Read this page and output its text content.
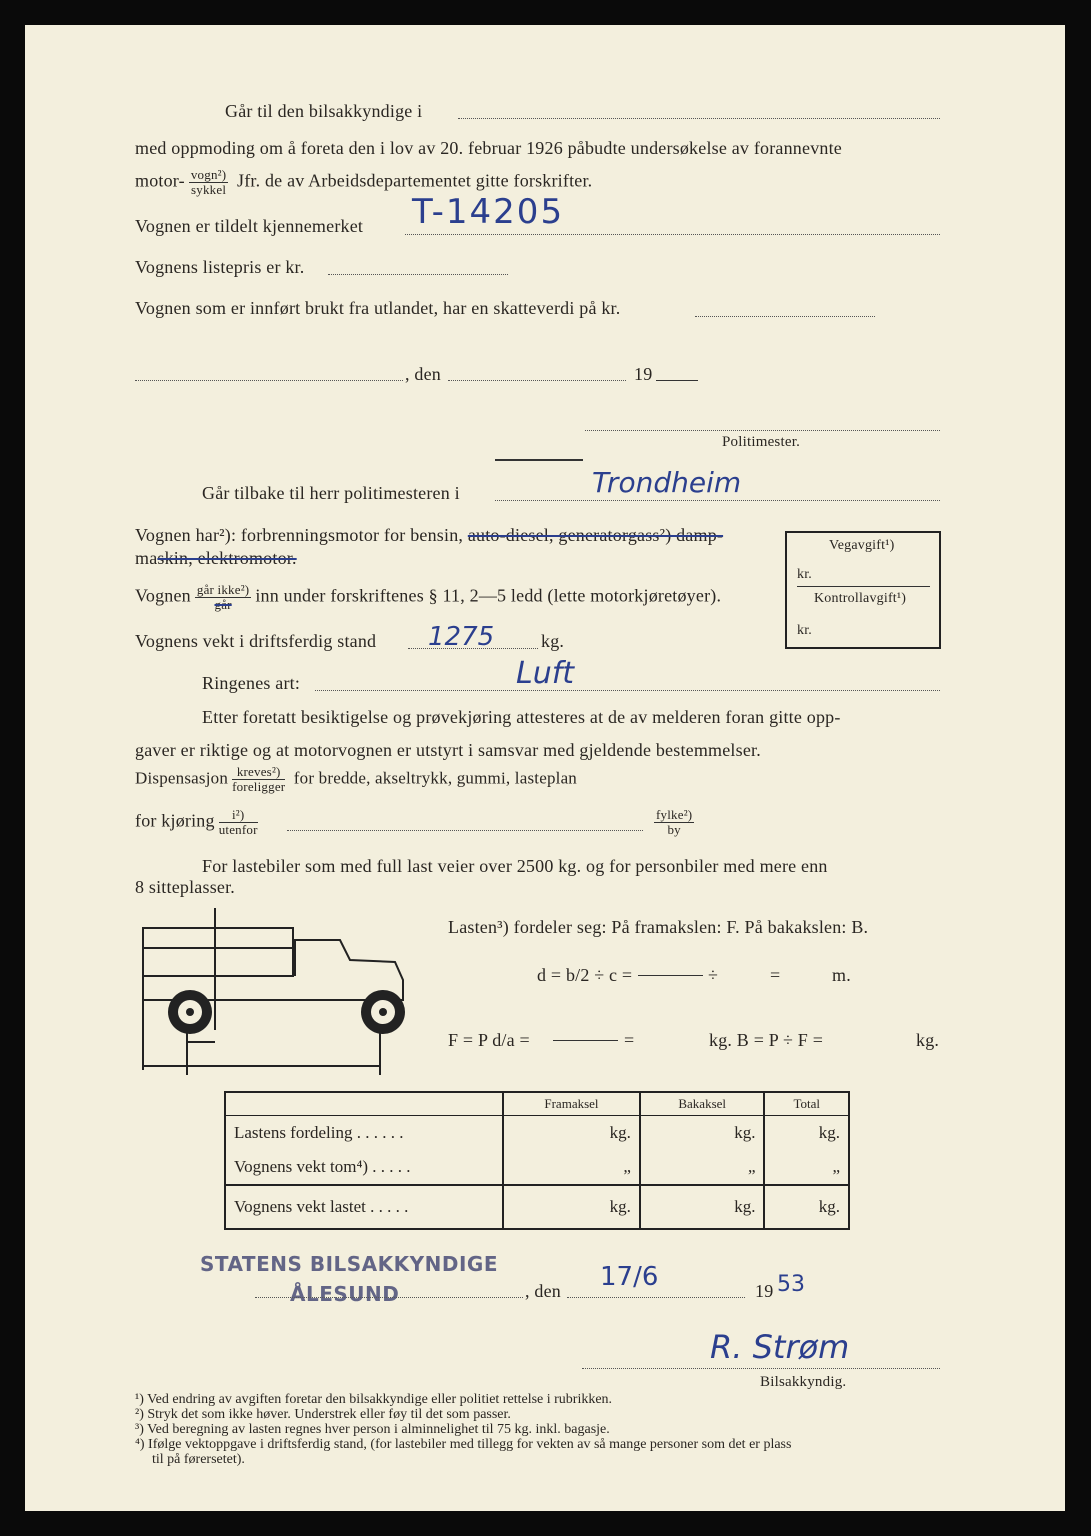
Går til den bilsakkyndige i
med oppmoding om å foreta den i lov av 20. februar 1926 påbudte undersøkelse av forannevnte
motor- $\frac{\text{vogn²)}}{\text{sykkel}}$ Jfr. de av Arbeidsdepartementet gitte forskrifter.
Vognen er tildelt kjennemerket T-14205
Vognens listepris er kr.
Vognen som er innført brukt fra utlandet, har en skatteverdi på kr.
, den	19
Politimester.
Går tilbake til herr politimesteren i	Trondheim
Vognen har²): forbrenningsmotor for bensin, auto-diesel, generatorgass²) damp-
maskin, elektromotor.
Vegavgift¹)
kr.
Kontrollavgift¹)
kr.
Vognen $\frac{\text{går ikke²)}}{\text{går}}$ inn under forskriftenes § 11, 2—5 ledd (lette motorkjøretøyer).
Vognens vekt i driftsferdig stand 1275	kg.
Ringenes art:	Luft
Etter foretatt besiktigelse og prøvekjøring attesteres at de av melderen foran gitte opp-
gaver er riktige og at motorvognen er utstyrt i samsvar med gjeldende bestemmelser.
Dispensasjon $\frac{\text{kreves²)}}{\text{foreligger}}$ for bredde, akseltrykk, gummi, lasteplan
for kjøring $\frac{\text{i²)}}{\text{utenfor}}$	$\frac{\text{fylke²)}}{by}$
For lastebiler som med full last veier over 2500 kg. og for personbiler med mere enn
8 sitteplasser.
Lasten³) fordeler seg: På framakslen: F. På bakakslen: B.
d = b/2 ÷ c =	÷	=	m.
F = P d/a =	=	kg. B = P ÷ F =	kg.
	Framaksel	Bakaksel	Total
Lastens fordeling . . . . . .	kg.	kg.	kg.
Vognens vekt tom⁴) . . . . .	„	„	„
Vognens vekt lastet . . . . .	kg.	kg.	kg.
STATENS BILSAKKYNDIGE
ÅLESUND	, den 17/6	19 53
R. Strøm
Bilsakkyndig.
¹) Ved endring av avgiften foretar den bilsakkyndige eller politiet rettelse i rubrikken.
²) Stryk det som ikke høver. Understrek eller føy til det som passer.
³) Ved beregning av lasten regnes hver person i alminnelighet til 75 kg. inkl. bagasje.
⁴) Ifølge vektoppgave i driftsferdig stand, (for lastebiler med tillegg for vekten av så mange personer som det er plass
til på førersetet).
